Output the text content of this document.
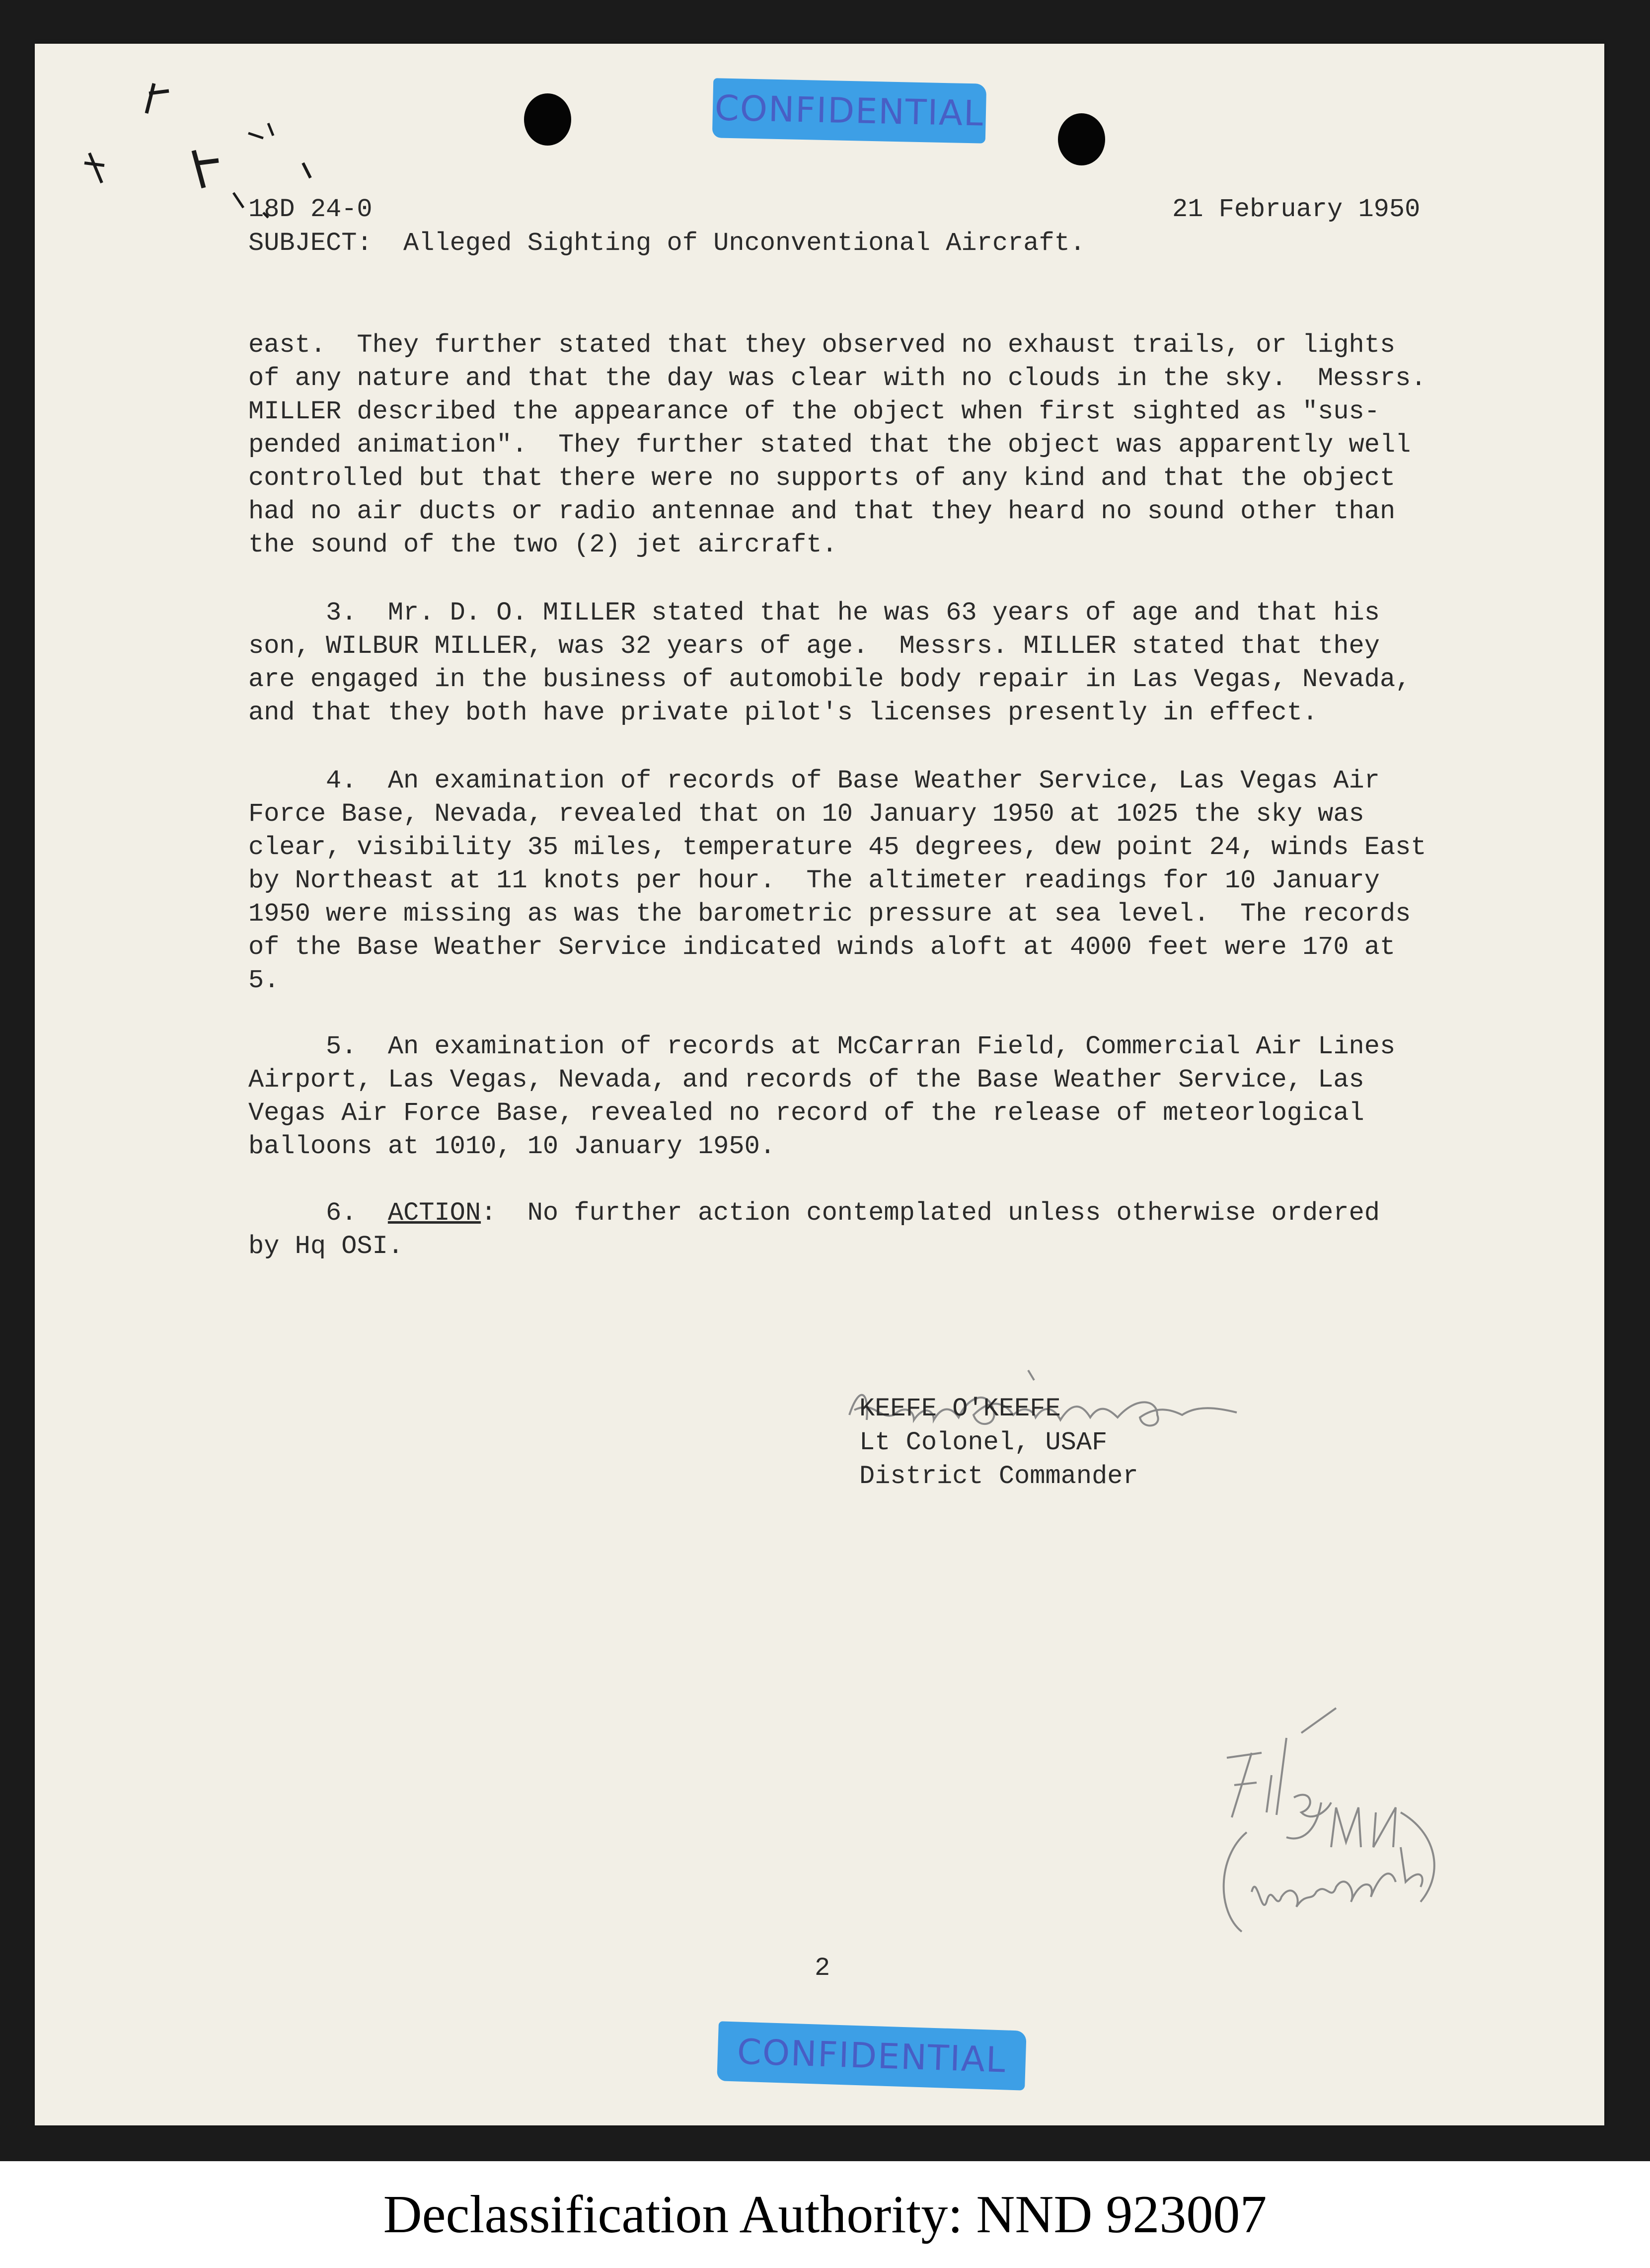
CONFIDENTIAL
18D 24-0	21 February 1950
SUBJECT:  Alleged Sighting of Unconventional Aircraft.
east.  They further stated that they observed no exhaust trails, or lights
of any nature and that the day was clear with no clouds in the sky.  Messrs.
MILLER described the appearance of the object when first sighted as "sus-
pended animation".  They further stated that the object was apparently well
controlled but that there were no supports of any kind and that the object
had no air ducts or radio antennae and that they heard no sound other than
the sound of the two (2) jet aircraft.
3.  Mr. D. O. MILLER stated that he was 63 years of age and that his
son, WILBUR MILLER, was 32 years of age.  Messrs. MILLER stated that they
are engaged in the business of automobile body repair in Las Vegas, Nevada,
and that they both have private pilot's licenses presently in effect.
4.  An examination of records of Base Weather Service, Las Vegas Air
Force Base, Nevada, revealed that on 10 January 1950 at 1025 the sky was
clear, visibility 35 miles, temperature 45 degrees, dew point 24, winds East
by Northeast at 11 knots per hour.  The altimeter readings for 10 January
1950 were missing as was the barometric pressure at sea level.  The records
of the Base Weather Service indicated winds aloft at 4000 feet were 170 at
5.
5.  An examination of records at McCarran Field, Commercial Air Lines
Airport, Las Vegas, Nevada, and records of the Base Weather Service, Las
Vegas Air Force Base, revealed no record of the release of meteorlogical
balloons at 1010, 10 January 1950.
6.  ACTION:  No further action contemplated unless otherwise ordered
by Hq OSI.
KEEFE O'KEEFE
Lt Colonel, USAF
District Commander
2
CONFIDENTIAL
Declassification Authority: NND 923007
